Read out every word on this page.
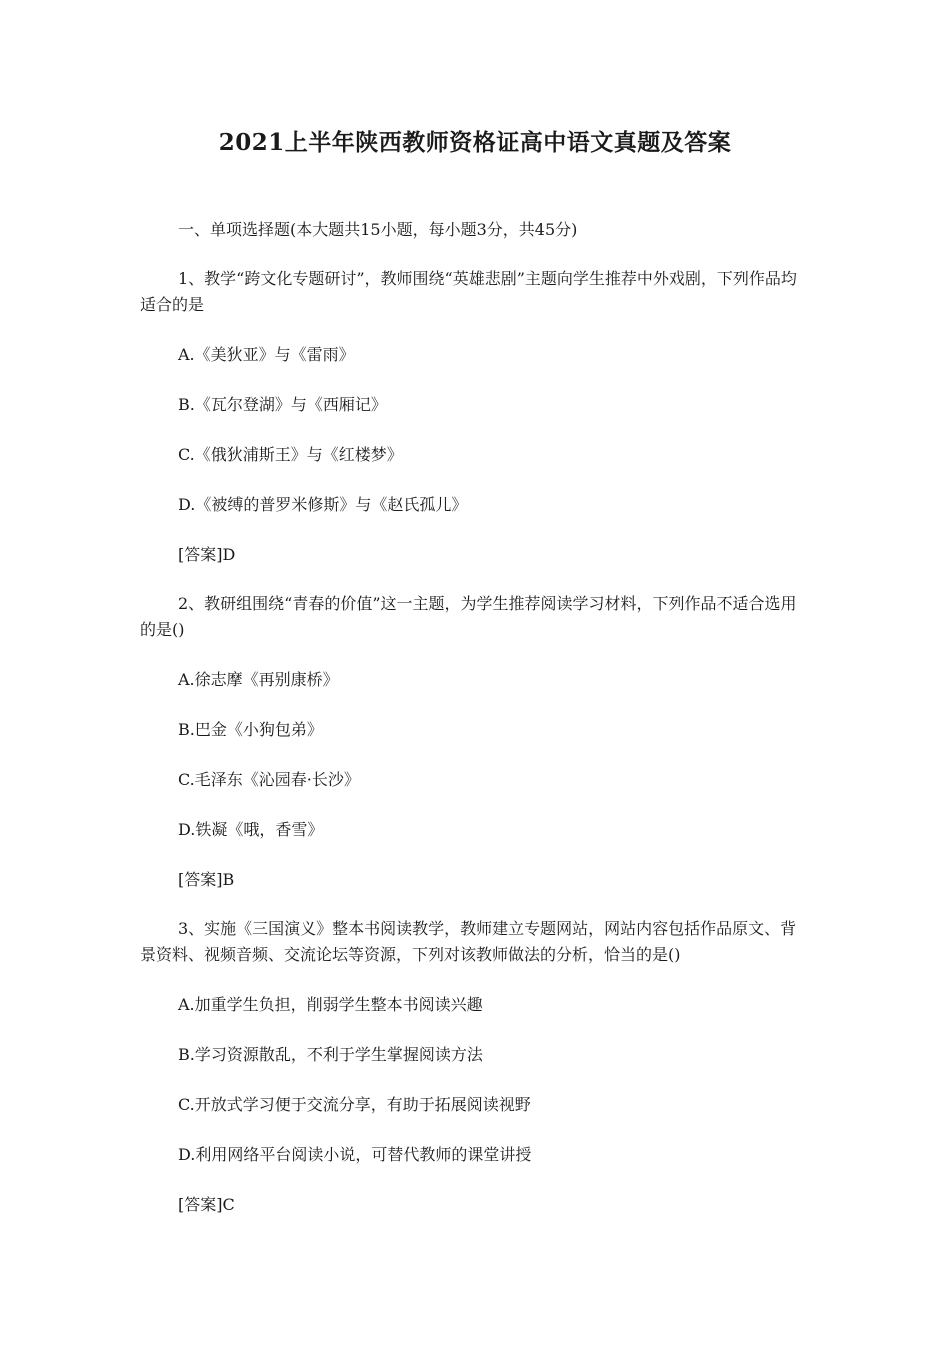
2021上半年陕西教师资格证高中语文真题及答案
一、单项选择题(本大题共15小题，每小题3分，共45分)
1、教学“跨文化专题研讨”，教师围绕“英雄悲剧”主题向学生推荐中外戏剧，下列作品均适合的是
A.《美狄亚》与《雷雨》
B.《瓦尔登湖》与《西厢记》
C.《俄狄浦斯王》与《红楼梦》
D.《被缚的普罗米修斯》与《赵氏孤儿》
[答案]D
2、教研组围绕“青春的价值”这一主题，为学生推荐阅读学习材料，下列作品不适合选用的是()
A.徐志摩《再别康桥》
B.巴金《小狗包弟》
C.毛泽东《沁园春·长沙》
D.铁凝《哦，香雪》
[答案]B
3、实施《三国演义》整本书阅读教学，教师建立专题网站，网站内容包括作品原文、背景资料、视频音频、交流论坛等资源，下列对该教师做法的分析，恰当的是()
A.加重学生负担，削弱学生整本书阅读兴趣
B.学习资源散乱，不利于学生掌握阅读方法
C.开放式学习便于交流分享，有助于拓展阅读视野
D.利用网络平台阅读小说，可替代教师的课堂讲授
[答案]C
